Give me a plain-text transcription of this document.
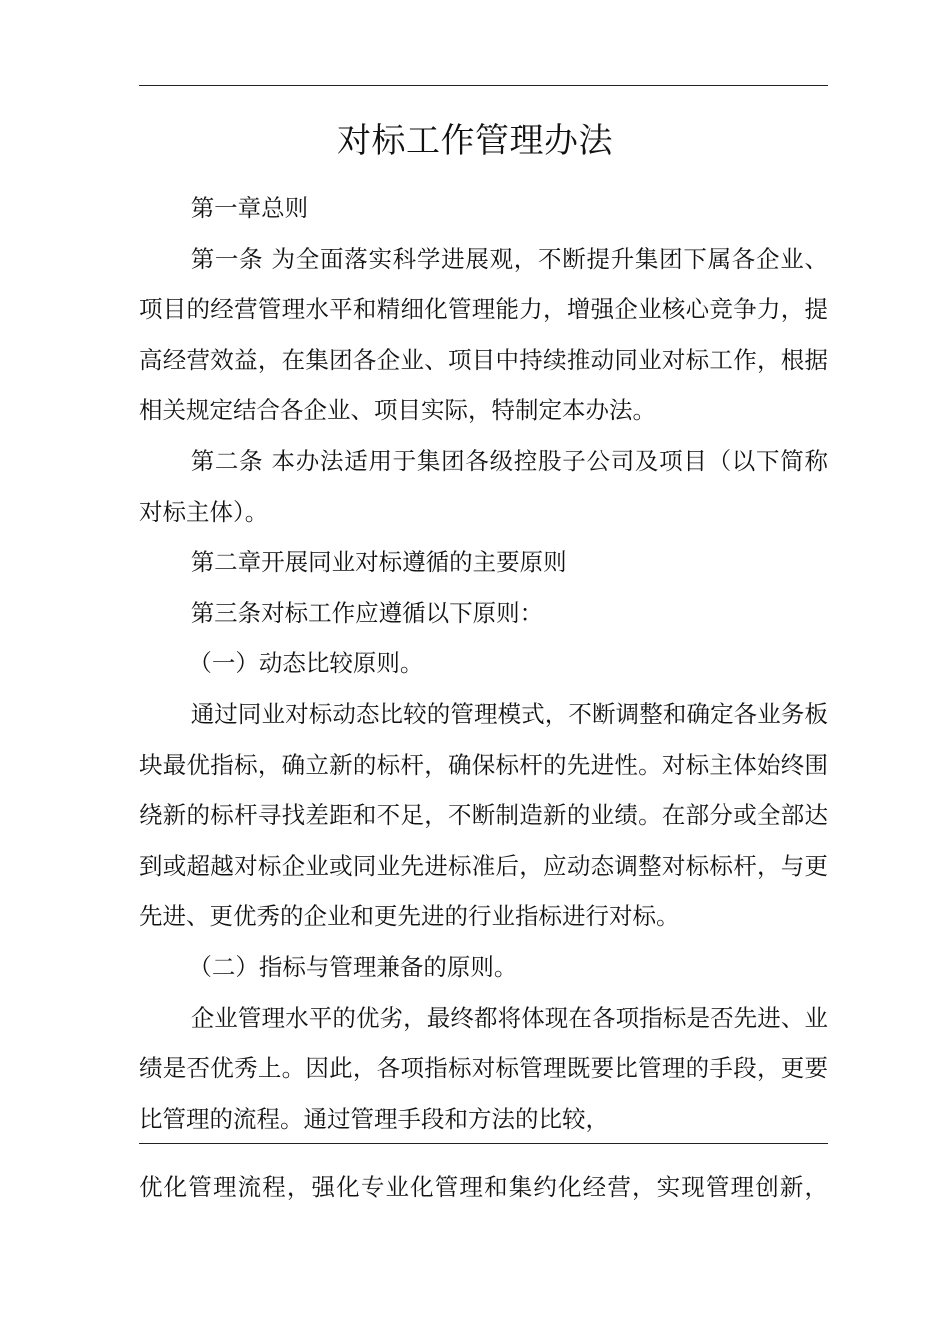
对标工作管理办法

第一章总则

第一条 为全面落实科学进展观，不断提升集团下属各企业、项目的经营管理水平和精细化管理能力，增强企业核心竞争力，提高经营效益，在集团各企业、项目中持续推动同业对标工作，根据相关规定结合各企业、项目实际，特制定本办法。

第二条 本办法适用于集团各级控股子公司及项目（以下简称对标主体）。

第二章开展同业对标遵循的主要原则

第三条对标工作应遵循以下原则：

（一）动态比较原则。

通过同业对标动态比较的管理模式，不断调整和确定各业务板块最优指标，确立新的标杆，确保标杆的先进性。对标主体始终围绕新的标杆寻找差距和不足，不断制造新的业绩。在部分或全部达到或超越对标企业或同业先进标准后，应动态调整对标标杆，与更先进、更优秀的企业和更先进的行业指标进行对标。

（二）指标与管理兼备的原则。

企业管理水平的优劣，最终都将体现在各项指标是否先进、业绩是否优秀上。因此，各项指标对标管理既要比管理的手段，更要比管理的流程。通过管理手段和方法的比较，

优化管理流程，强化专业化管理和集约化经营，实现管理创新，
